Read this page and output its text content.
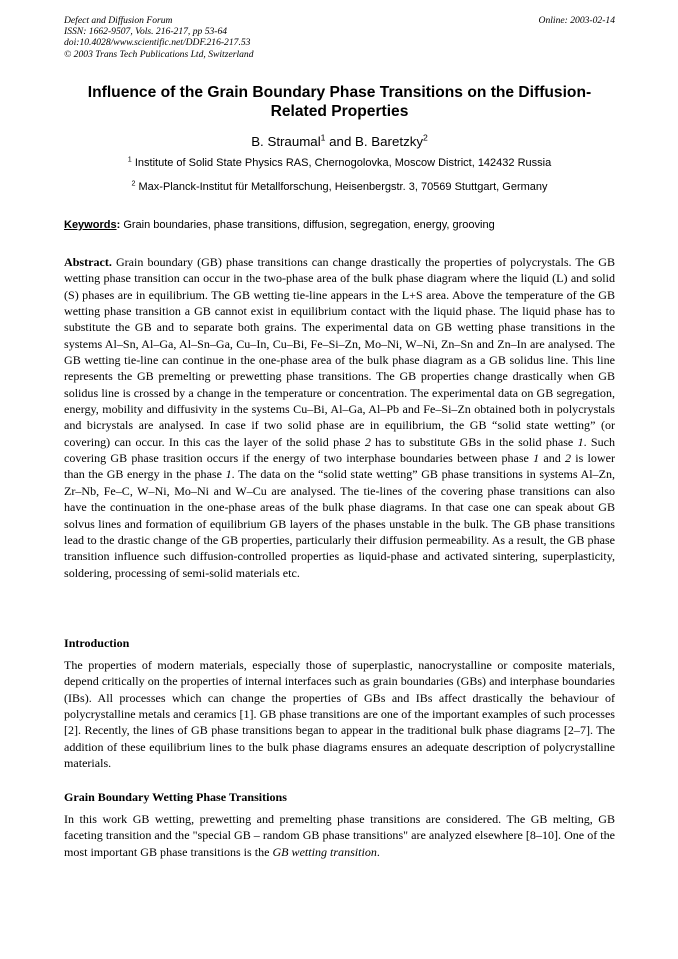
Defect and Diffusion Forum
ISSN: 1662-9507, Vols. 216-217, pp 53-64
doi:10.4028/www.scientific.net/DDF.216-217.53
© 2003 Trans Tech Publications Ltd, Switzerland
Online: 2003-02-14
Influence of the Grain Boundary Phase Transitions on the Diffusion-Related Properties
B. Straumal$^1$ and B. Baretzky$^2$
$^1$ Institute of Solid State Physics RAS, Chernogolovka, Moscow District, 142432 Russia
$^2$ Max-Planck-Institut für Metallforschung, Heisenbergstr. 3, 70569 Stuttgart, Germany
Keywords: Grain boundaries, phase transitions, diffusion, segregation, energy, grooving

Abstract. Grain boundary (GB) phase transitions can change drastically the properties of polycrystals. The GB wetting phase transition can occur in the two-phase area of the bulk phase diagram where the liquid (L) and solid (S) phases are in equilibrium. The GB wetting tie-line appears in the L+S area. Above the temperature of the GB wetting phase transition a GB cannot exist in equilibrium contact with the liquid phase. The liquid phase has to substitute the GB and to separate both grains. The experimental data on GB wetting phase transitions in the systems Al–Sn, Al–Ga, Al–Sn–Ga, Cu–In, Cu–Bi, Fe–Si–Zn, Mo–Ni, W–Ni, Zn–Sn and Zn–In are analysed. The GB wetting tie-line can continue in the one-phase area of the bulk phase diagram as a GB solidus line. This line represents the GB premelting or prewetting phase transitions. The GB properties change drastically when GB solidus line is crossed by a change in the temperature or concentration. The experimental data on GB segregation, energy, mobility and diffusivity in the systems Cu–Bi, Al–Ga, Al–Pb and Fe–Si–Zn obtained both in polycrystals and bicrystals are analysed. In case if two solid phase are in equilibrium, the GB “solid state wetting” (or covering) can occur. In this cas the layer of the solid phase 2 has to substitute GBs in the solid phase 1. Such covering GB phase trasition occurs if the energy of two interphase boundaries between phase 1 and 2 is lower than the GB energy in the phase 1. The data on the “solid state wetting” GB phase transitions in systems Al–Zn, Zr–Nb, Fe–C, W–Ni, Mo–Ni and W–Cu are analysed. The tie-lines of the covering phase transitions can also have the continuation in the one-phase areas of the bulk phase diagrams. In that case one can speak about GB solvus lines and formation of equilibrium GB layers of the phases unstable in the bulk. The GB phase transitions lead to the drastic change of the GB properties, particularly their diffusion permeability. As a result, the GB phase transition influence such diffusion-controlled properties as liquid-phase and activated sintering, superplasticity, soldering, processing of semi-solid materials etc.

Introduction

The properties of modern materials, especially those of superplastic, nanocrystalline or composite materials, depend critically on the properties of internal interfaces such as grain boundaries (GBs) and interphase boundaries (IBs). All processes which can change the properties of GBs and IBs affect drastically the behaviour of polycrystalline metals and ceramics [1]. GB phase transitions are one of the important examples of such processes [2]. Recently, the lines of GB phase transitions began to appear in the traditional bulk phase diagrams [2–7]. The addition of these equilibrium lines to the bulk phase diagrams ensures an adequate description of polycrystalline materials.

Grain Boundary Wetting Phase Transitions

In this work GB wetting, prewetting and premelting phase transitions are considered. The GB melting, GB faceting transition and the "special GB – random GB phase transitions" are analyzed elsewhere [8–10]. One of the most important GB phase transitions is the GB wetting transition.
